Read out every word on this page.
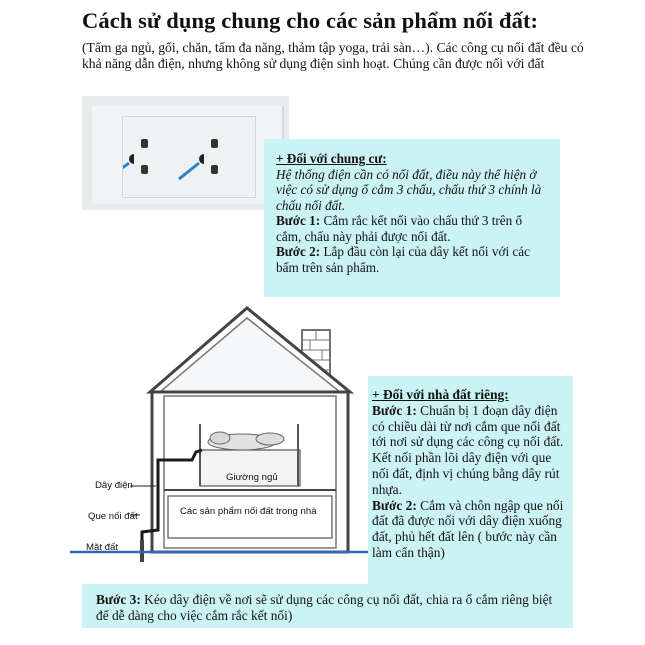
Cách sử dụng chung cho các sản phẩm nối đất:
(Tấm ga ngủ, gối, chăn, tấm đa năng, thảm tập yoga, trải sàn…). Các công cụ nối đất đều có khả năng dẫn điện, nhưng không sử dụng điện sinh hoạt. Chúng cần được nối với đất
+ Đối với chung cư:
Hệ thống điện cần có nối đất, điều này thể hiện ở việc có sử dụng ổ cắm 3 chấu, chấu thứ 3 chính là chấu nối đất.
Bước 1: Cắm rắc kết nối vào chấu thứ 3 trên ổ cắm, chấu này phải được nối đất.
Bước 2: Lắp đầu còn lại của dây kết nối với các bấm trên sản phẩm.
Dây điện
Que nối đất
Mặt đất
Giường ngủ
Các sản phẩm nối đất trong nhà
+ Đối với nhà đất riêng:
Bước 1: Chuẩn bị 1 đoạn dây điện có chiều dài từ nơi cắm que nối đất tới nơi sử dụng các công cụ nối đất.
Kết nối phần lõi dây điện với que nối đất, định vị chúng bằng dây rút nhựa.
Bước 2: Cắm và chôn ngập que nối đất đã được nối với dây điện xuống đất, phủ hết đất lên ( bước này cần làm cẩn thận)
Bước 3: Kéo dây điện về nơi sẽ sử dụng các công cụ nối đất, chia ra ổ cắm riêng biệt để dễ dàng cho việc cắm rắc kết nối)
